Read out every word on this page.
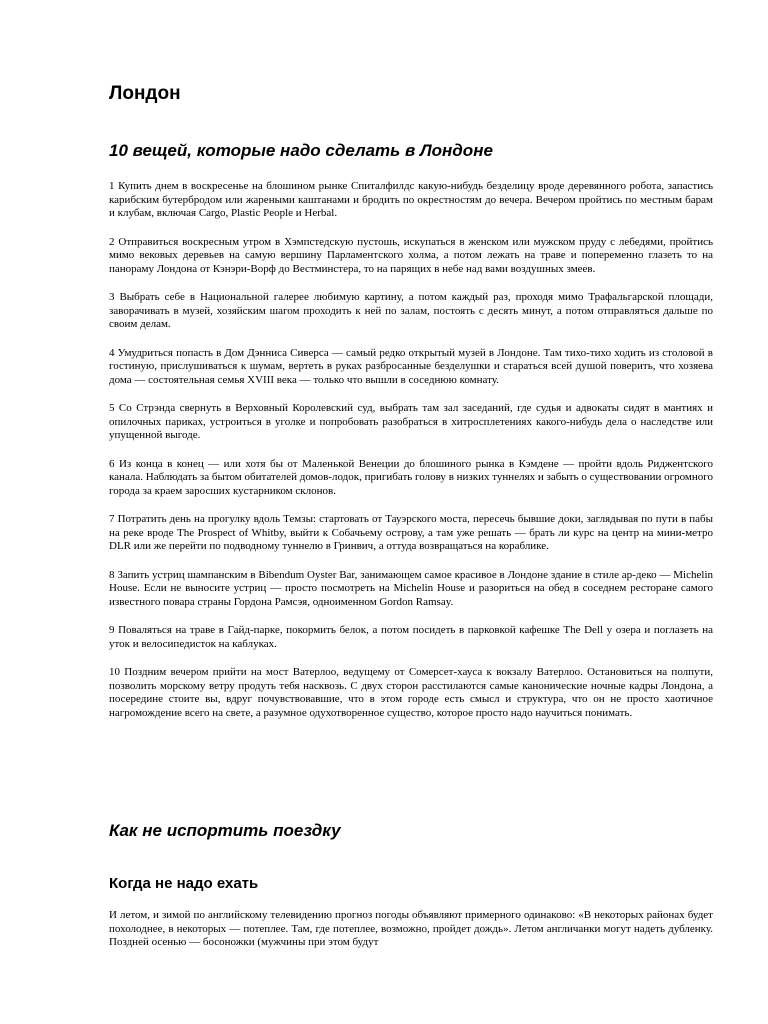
Лондон
10 вещей, которые надо сделать в Лондоне
1 Купить днем в воскресенье на блошином рынке Спиталфилдс какую-нибудь безделицу вроде деревянного робота, запастись карибским бутербродом или жареными каштанами и бродить по окрестностям до вечера. Вечером пройтись по местным барам и клубам, включая Cargo, Plastic People и Herbal.
2 Отправиться воскресным утром в Хэмпстедскую пустошь, искупаться в женском или мужском пруду с лебедями, пройтись мимо вековых деревьев на самую вершину Парламентского холма, а потом лежать на траве и попеременно глазеть то на панораму Лондона от Кэнэри-Ворф до Вестминстера, то на парящих в небе над вами воздушных змеев.
3 Выбрать себе в Национальной галерее любимую картину, а потом каждый раз, проходя мимо Трафальгарской площади, заворачивать в музей, хозяйским шагом проходить к ней по залам, постоять с десять минут, а потом отправляться дальше по своим делам.
4 Умудриться попасть в Дом Дэнниса Сиверса — самый редко открытый музей в Лондоне. Там тихо-тихо ходить из столовой в гостиную, прислушиваться к шумам, вертеть в руках разбросанные безделушки и стараться всей душой поверить, что хозяева дома — состоятельная семья XVIII века — только что вышли в соседнюю комнату.
5 Со Стрэнда свернуть в Верховный Королевский суд, выбрать там зал заседаний, где судья и адвокаты сидят в мантиях и опилочных париках, устроиться в уголке и попробовать разобраться в хитросплетениях какого-нибудь дела о наследстве или упущенной выгоде.
6 Из конца в конец — или хотя бы от Маленькой Венеции до блошиного рынка в Кэмдене — пройти вдоль Риджентского канала. Наблюдать за бытом обитателей домов-лодок, пригибать голову в низких туннелях и забыть о существовании огромного города за краем заросших кустарником склонов.
7 Потратить день на прогулку вдоль Темзы: стартовать от Тауэрского моста, пересечь бывшие доки, заглядывая по пути в пабы на реке вроде The Prospect of Whitby, выйти к Собачьему острову, а там уже решать — брать ли курс на центр на мини-метро DLR или же перейти по подводному туннелю в Гринвич, а оттуда возвращаться на кораблике.
8 Запить устриц шампанским в Bibendum Oyster Bar, занимающем самое красивое в Лондоне здание в стиле ар-деко — Michelin House. Если не выносите устриц — просто посмотреть на Michelin House и разориться на обед в соседнем ресторане самого известного повара страны Гордона Рамсэя, одноименном Gordon Ramsay.
9 Поваляться на траве в Гайд-парке, покормить белок, а потом посидеть в парковкой кафешке The Dell у озера и поглазеть на уток и велосипедисток на каблуках.
10 Поздним вечером прийти на мост Ватерлоо, ведущему от Сомерсет-хауса к вокзалу Ватерлоо. Остановиться на полпути, позволить морскому ветру продуть тебя насквозь. С двух сторон расстилаются самые канонические ночные кадры Лондона, а посередине стоите вы, вдруг почувствовавшие, что в этом городе есть смысл и структура, что он не просто хаотичное нагромождение всего на свете, а разумное одухотворенное существо, которое просто надо научиться понимать.
Как не испортить поездку
Когда не надо ехать

И летом, и зимой по английскому телевидению прогноз погоды объявляют примерного одинаково: «В некоторых районах будет похолоднее, в некоторых — потеплее. Там, где потеплее, возможно, пройдет дождь». Летом англичанки могут надеть дубленку. Поздней осенью — босоножки (мужчины при этом будут
